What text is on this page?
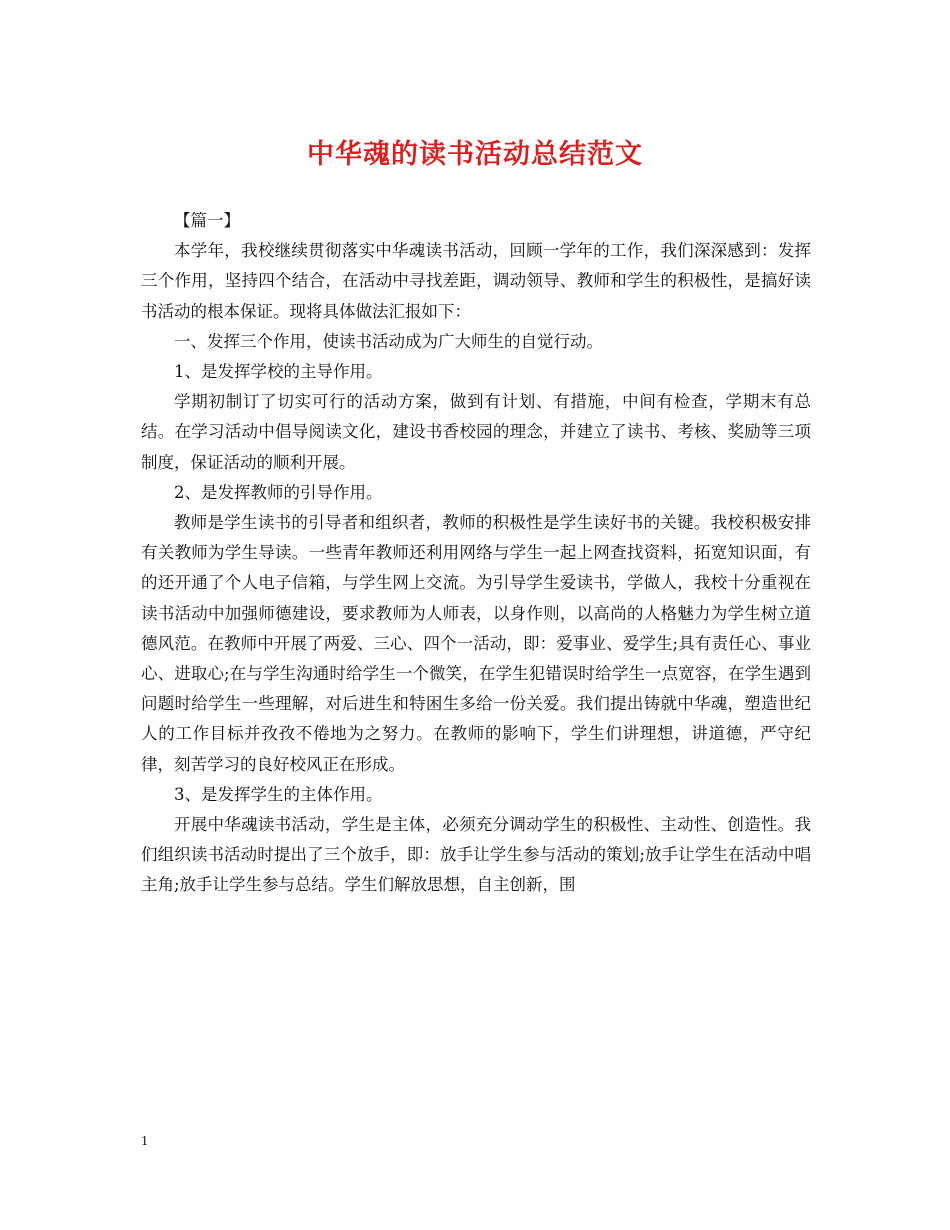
中华魂的读书活动总结范文

【篇一】

本学年，我校继续贯彻落实中华魂读书活动，回顾一学年的工作，我们深深感到：发挥三个作用，坚持四个结合，在活动中寻找差距，调动领导、教师和学生的积极性，是搞好读书活动的根本保证。现将具体做法汇报如下：

一、发挥三个作用，使读书活动成为广大师生的自觉行动。

1、是发挥学校的主导作用。

学期初制订了切实可行的活动方案，做到有计划、有措施，中间有检查，学期末有总结。在学习活动中倡导阅读文化，建设书香校园的理念，并建立了读书、考核、奖励等三项制度，保证活动的顺利开展。

2、是发挥教师的引导作用。

教师是学生读书的引导者和组织者，教师的积极性是学生读好书的关键。我校积极安排有关教师为学生导读。一些青年教师还利用网络与学生一起上网查找资料，拓宽知识面，有的还开通了个人电子信箱，与学生网上交流。为引导学生爱读书，学做人，我校十分重视在读书活动中加强师德建设，要求教师为人师表，以身作则，以高尚的人格魅力为学生树立道德风范。在教师中开展了两爱、三心、四个一活动，即：爱事业、爱学生;具有责任心、事业心、进取心;在与学生沟通时给学生一个微笑，在学生犯错误时给学生一点宽容，在学生遇到问题时给学生一些理解，对后进生和特困生多给一份关爱。我们提出铸就中华魂，塑造世纪人的工作目标并孜孜不倦地为之努力。在教师的影响下，学生们讲理想，讲道德，严守纪律，刻苦学习的良好校风正在形成。

3、是发挥学生的主体作用。

开展中华魂读书活动，学生是主体，必须充分调动学生的积极性、主动性、创造性。我们组织读书活动时提出了三个放手，即：放手让学生参与活动的策划;放手让学生在活动中唱主角;放手让学生参与总结。学生们解放思想，自主创新，围

1
